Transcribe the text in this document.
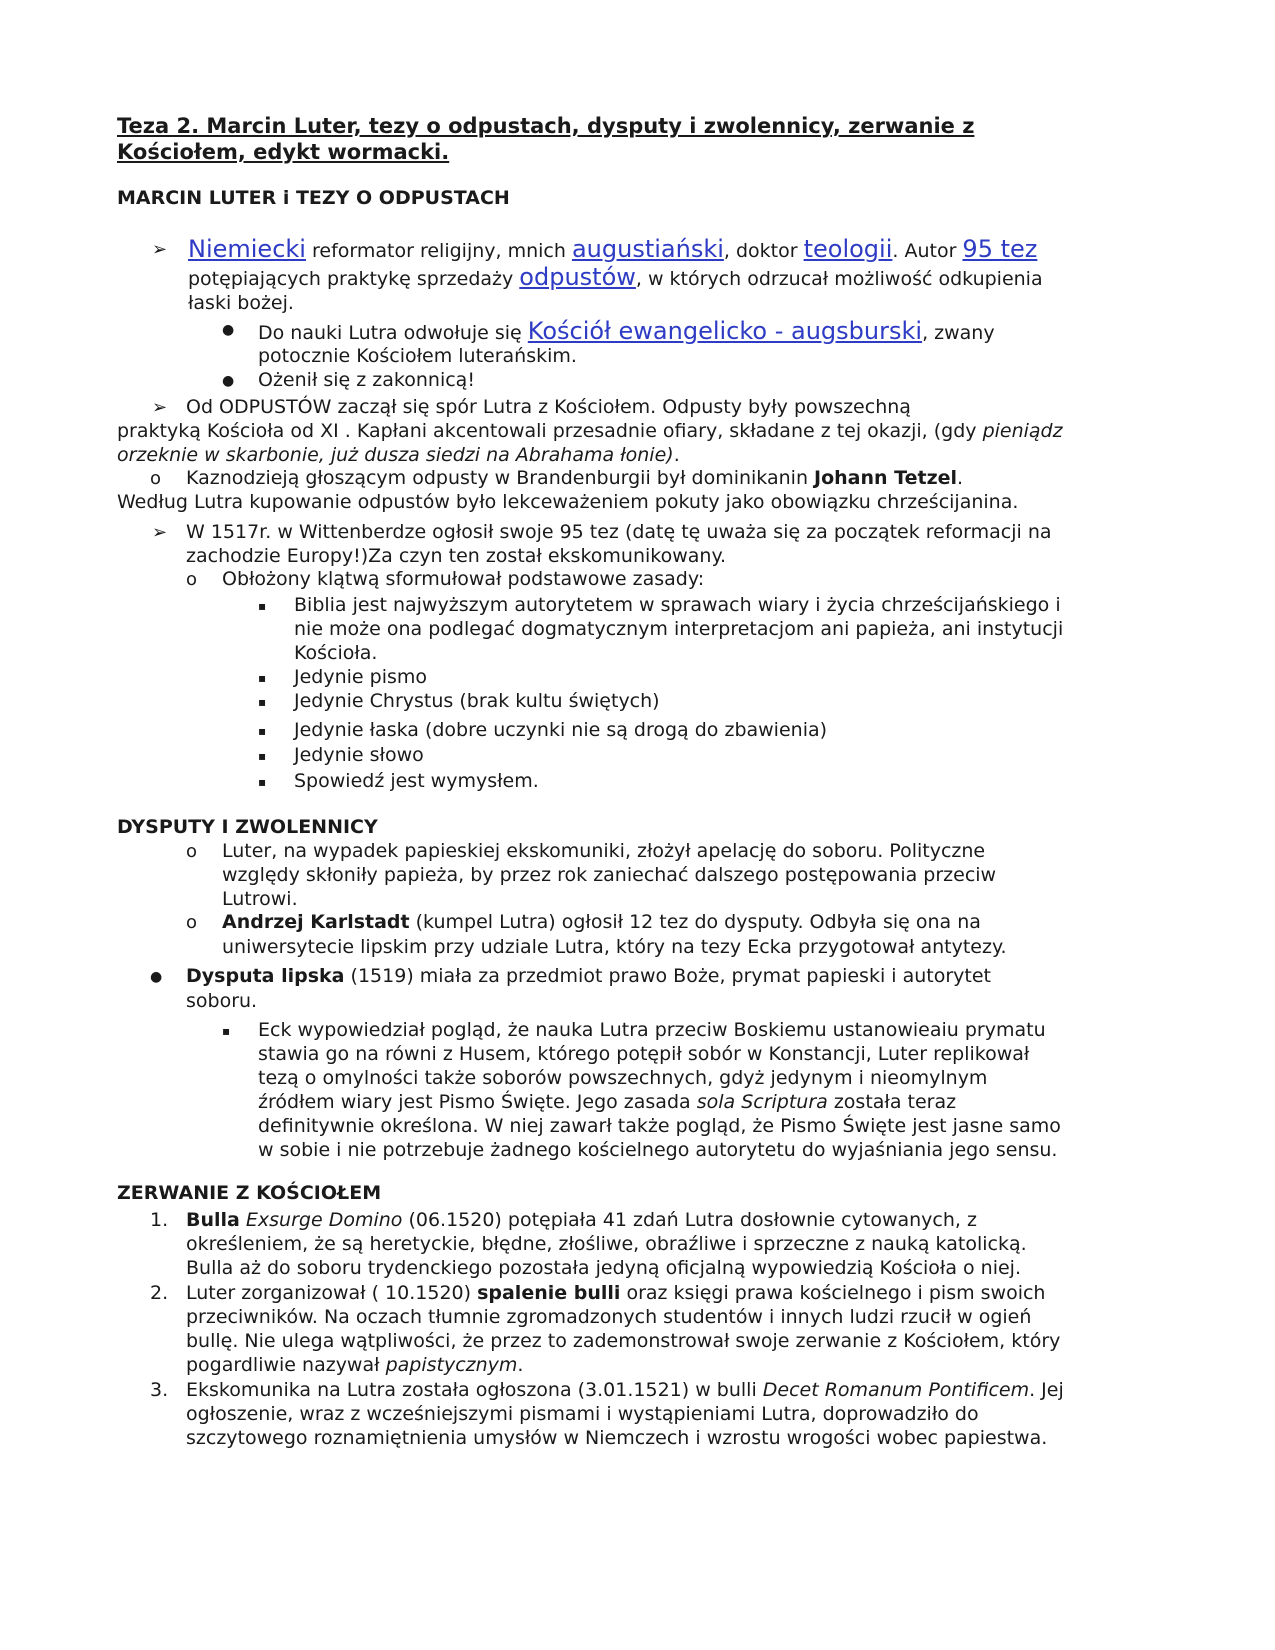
Teza 2. Marcin Luter, tezy o odpustach, dysputy i zwolennicy, zerwanie z
Kościołem, edykt wormacki.
MARCIN LUTER i TEZY O ODPUSTACH
➢ Niemiecki reformator religijny, mnich augustiański, doktor teologii. Autor 95 tez
potępiających praktykę sprzedaży odpustów, w których odrzucał możliwość odkupienia
łaski bożej.
● Do nauki Lutra odwołuje się Kościół ewangelicko - augsburski, zwany
potocznie Kościołem luterańskim.
● Ożenił się z zakonnicą!
➢ Od ODPUSTÓW zaczął się spór Lutra z Kościołem. Odpusty były powszechną
praktyką Kościoła od XI . Kapłani akcentowali przesadnie ofiary, składane z tej okazji, (gdy pieniądz
orzeknie w skarbonie, już dusza siedzi na Abrahama łonie).
o Kaznodzieją głoszącym odpusty w Brandenburgii był dominikanin Johann Tetzel.
Według Lutra kupowanie odpustów było lekceważeniem pokuty jako obowiązku chrześcijanina.
➢ W 1517r. w Wittenberdze ogłosił swoje 95 tez (datę tę uważa się za początek reformacji na
zachodzie Europy!)Za czyn ten został ekskomunikowany.
o Obłożony klątwą sformułował podstawowe zasady:
▪ Biblia jest najwyższym autorytetem w sprawach wiary i życia chrześcijańskiego i
nie może ona podlegać dogmatycznym interpretacjom ani papieża, ani instytucji
Kościoła.
▪ Jedynie pismo
▪ Jedynie Chrystus (brak kultu świętych)
▪ Jedynie łaska (dobre uczynki nie są drogą do zbawienia)
▪ Jedynie słowo
▪ Spowiedź jest wymysłem.
DYSPUTY I ZWOLENNICY
o Luter, na wypadek papieskiej ekskomuniki, złożył apelację do soboru. Polityczne
względy skłoniły papieża, by przez rok zaniechać dalszego postępowania przeciw
Lutrowi.
o Andrzej Karlstadt (kumpel Lutra) ogłosił 12 tez do dysputy. Odbyła się ona na
uniwersytecie lipskim przy udziale Lutra, który na tezy Ecka przygotował antytezy.
● Dysputa lipska (1519) miała za przedmiot prawo Boże, prymat papieski i autorytet
soboru.
▪ Eck wypowiedział pogląd, że nauka Lutra przeciw Boskiemu ustanowieaiu prymatu
stawia go na równi z Husem, którego potępił sobór w Konstancji, Luter replikował
tezą o omylności także soborów powszechnych, gdyż jedynym i nieomylnym
źródłem wiary jest Pismo Święte. Jego zasada sola Scriptura została teraz
definitywnie określona. W niej zawarł także pogląd, że Pismo Święte jest jasne samo
w sobie i nie potrzebuje żadnego kościelnego autorytetu do wyjaśniania jego sensu.
ZERWANIE Z KOŚCIOŁEM
1. Bulla Exsurge Domino (06.1520) potępiała 41 zdań Lutra dosłownie cytowanych, z
określeniem, że są heretyckie, błędne, złośliwe, obraźliwe i sprzeczne z nauką katolicką.
Bulla aż do soboru trydenckiego pozostała jedyną oficjalną wypowiedzią Kościoła o niej.
2. Luter zorganizował ( 10.1520) spalenie bulli oraz księgi prawa kościelnego i pism swoich
przeciwników. Na oczach tłumnie zgromadzonych studentów i innych ludzi rzucił w ogień
bullę. Nie ulega wątpliwości, że przez to zademonstrował swoje zerwanie z Kościołem, który
pogardliwie nazywał papistycznym.
3. Ekskomunika na Lutra została ogłoszona (3.01.1521) w bulli Decet Romanum Pontificem. Jej
ogłoszenie, wraz z wcześniejszymi pismami i wystąpieniami Lutra, doprowadziło do
szczytowego roznamiętnienia umysłów w Niemczech i wzrostu wrogości wobec papiestwa.
